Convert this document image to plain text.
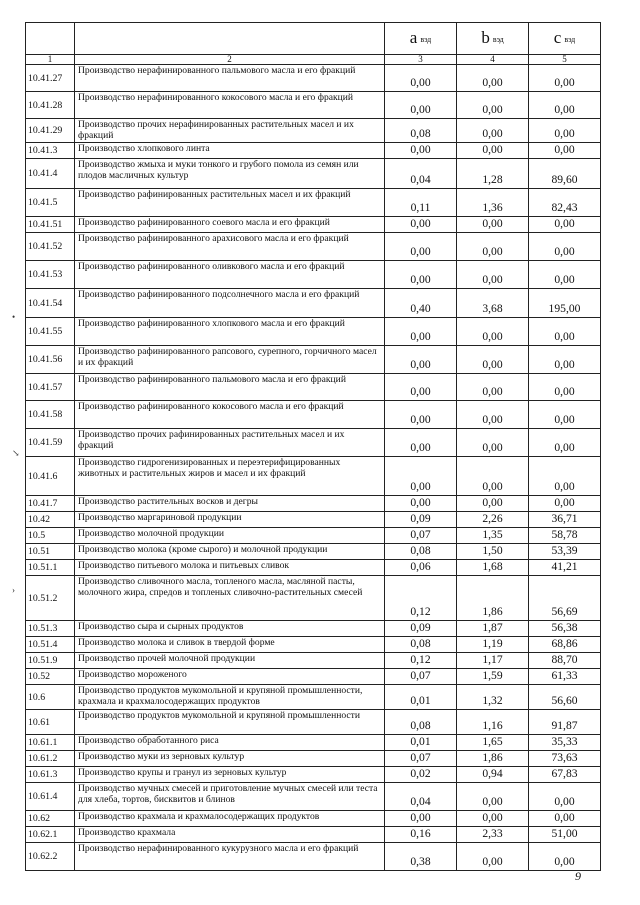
		a $_{вэд}$	b $_{вэд}$	c $_{вэд}$
1	2	3	4	5
10.41.27	Производство нерафинированного пальмового масла и его фракций	0,00	0,00	0,00
10.41.28	Производство нерафинированного кокосового масла и его фракций	0,00	0,00	0,00
10.41.29	Производство прочих нерафинированных растительных масел и их фракций	0,08	0,00	0,00
10.41.3	Производство хлопкового линта	0,00	0,00	0,00
10.41.4	Производство жмыха и муки тонкого и грубого помола из семян или плодов масличных культур	0,04	1,28	89,60
10.41.5	Производство рафинированных растительных масел и их фракций	0,11	1,36	82,43
10.41.51	Производство рафинированного соевого масла и его фракций	0,00	0,00	0,00
10.41.52	Производство рафинированного арахисового масла и его фракций	0,00	0,00	0,00
10.41.53	Производство рафинированного оливкового масла и его фракций	0,00	0,00	0,00
10.41.54	Производство рафинированного подсолнечного масла и его фракций	0,40	3,68	195,00
10.41.55	Производство рафинированного хлопкового масла и его фракций	0,00	0,00	0,00
10.41.56	Производство рафинированного рапсового, сурепного, горчичного масел и их фракций	0,00	0,00	0,00
10.41.57	Производство рафинированного пальмового масла и его фракций	0,00	0,00	0,00
10.41.58	Производство рафинированного кокосового масла и его фракций	0,00	0,00	0,00
10.41.59	Производство прочих рафинированных растительных масел и их фракций	0,00	0,00	0,00
10.41.6	Производство гидрогенизированных и переэтерифицированных животных и растительных жиров и масел и их фракций	0,00	0,00	0,00
10.41.7	Производство растительных восков и дегры	0,00	0,00	0,00
10.42	Производство маргариновой продукции	0,09	2,26	36,71
10.5	Производство молочной продукции	0,07	1,35	58,78
10.51	Производство молока (кроме сырого) и молочной продукции	0,08	1,50	53,39
10.51.1	Производство питьевого молока и питьевых сливок	0,06	1,68	41,21
10.51.2	Производство сливочного масла, топленого масла, масляной пасты, молочного жира, спредов и топленых сливочно-растительных смесей	0,12	1,86	56,69
10.51.3	Производство сыра и сырных продуктов	0,09	1,87	56,38
10.51.4	Производство молока и сливок в твердой форме	0,08	1,19	68,86
10.51.9	Производство прочей молочной продукции	0,12	1,17	88,70
10.52	Производство мороженого	0,07	1,59	61,33
10.6	Производство продуктов мукомольной и крупяной промышленности, крахмала и крахмалосодержащих продуктов	0,01	1,32	56,60
10.61	Производство продуктов мукомольной и крупяной промышленности	0,08	1,16	91,87
10.61.1	Производство обработанного риса	0,01	1,65	35,33
10.61.2	Производство муки из зерновых культур	0,07	1,86	73,63
10.61.3	Производство крупы и гранул из зерновых культур	0,02	0,94	67,83
10.61.4	Производство мучных смесей и приготовление мучных смесей или теста для хлеба, тортов, бисквитов и блинов	0,04	0,00	0,00
10.62	Производство крахмала и крахмалосодержащих продуктов	0,00	0,00	0,00
10.62.1	Производство крахмала	0,16	2,33	51,00
10.62.2	Производство нерафинированного кукурузного масла и его фракций	0,38	0,00	0,00
9
•
↘
›
